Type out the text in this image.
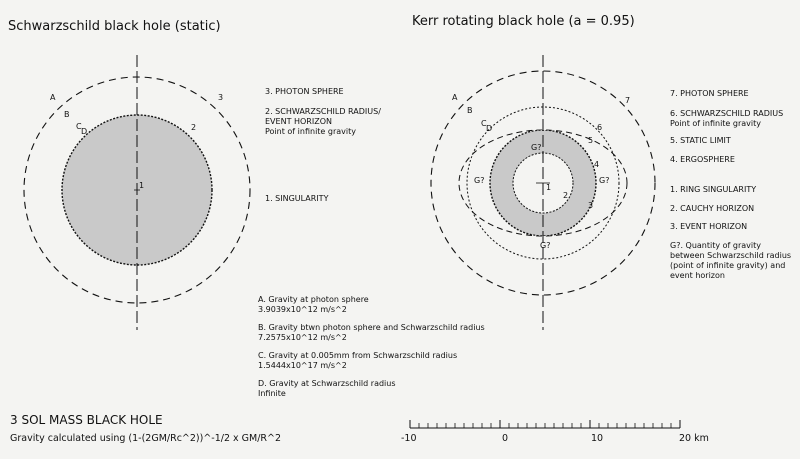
Schwarzschild black hole (static)
A
B
C
D
1
2
3
3. PHOTON SPHERE
2. SCHWARZSCHILD RADIUS/
EVENT HORIZON
Point of infinite gravity
1. SINGULARITY
A. Gravity at photon sphere
3.9039x10^12 m/s^2
B. Gravity btwn photon sphere and Schwarzschild radius
7.2575x10^12 m/s^2
C. Gravity at 0.005mm from Schwarzschild radius
1.5444x10^17 m/s^2
D. Gravity at Schwarzschild radius
Infinite
Kerr rotating black hole (a = 0.95)
A
B
C
D
1
2
3
4
5
6
7
G?
G?	G?
G?
7. PHOTON SPHERE
6. SCHWARZSCHILD RADIUS
Point of infinite gravity
5. STATIC LIMIT
4. ERGOSPHERE
1. RING SINGULARITY
2. CAUCHY HORIZON
3. EVENT HORIZON
G?. Quantity of gravity
between Schwarzschild radius
(point of infinite gravity) and
event horizon
3 SOL MASS BLACK HOLE
Gravity calculated using (1-(2GM/Rc^2))^-1/2 x GM/R^2	-10	0	10	20 km
